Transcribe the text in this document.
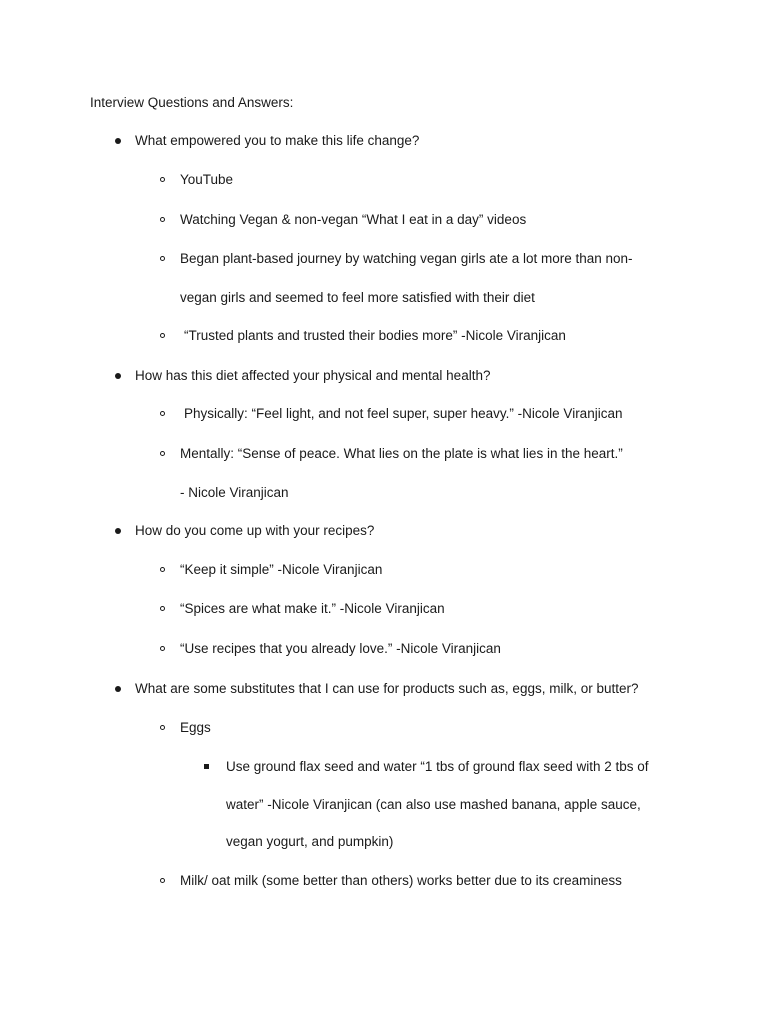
Interview Questions and Answers:
What empowered you to make this life change?
YouTube
Watching Vegan & non-vegan “What I eat in a day” videos
Began plant-based journey by watching vegan girls ate a lot more than non-
vegan girls and seemed to feel more satisfied with their diet
“Trusted plants and trusted their bodies more” -Nicole Viranjican
How has this diet affected your physical and mental health?
Physically: “Feel light, and not feel super, super heavy.” -Nicole Viranjican
Mentally: “Sense of peace. What lies on the plate is what lies in the heart.”
- Nicole Viranjican
How do you come up with your recipes?
“Keep it simple” -Nicole Viranjican
“Spices are what make it.” -Nicole Viranjican
“Use recipes that you already love.” -Nicole Viranjican
What are some substitutes that I can use for products such as, eggs, milk, or butter?
Eggs
Use ground flax seed and water “1 tbs of ground flax seed with 2 tbs of
water” -Nicole Viranjican (can also use mashed banana, apple sauce,
vegan yogurt, and pumpkin)
Milk/ oat milk (some better than others) works better due to its creaminess
